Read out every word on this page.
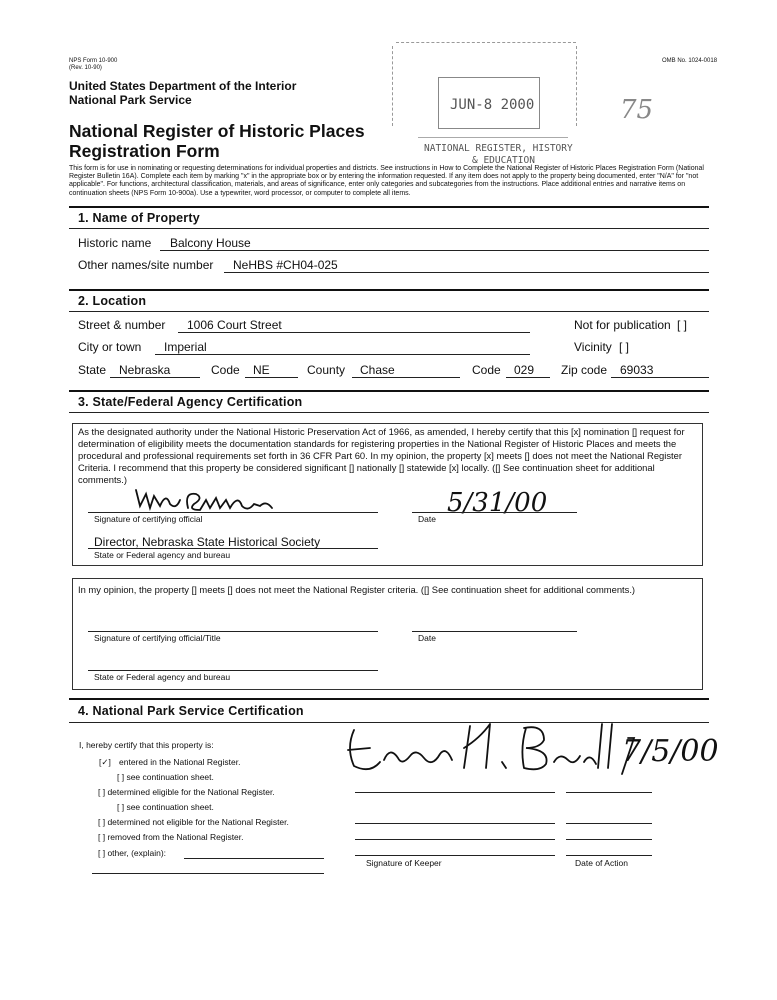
NPS Form 10-900
(Rev. 10-90)
OMB No. 1024-0018
United States Department of the Interior
National Park Service
National Register of Historic Places
Registration Form
JUN-8 2000
NATIONAL REGISTER, HISTORY
& EDUCATION
75
This form is for use in nominating or requesting determinations for individual properties and districts. See instructions in How to Complete the National Register of Historic Places Registration Form (National Register Bulletin 16A). Complete each item by marking "x" in the appropriate box or by entering the information requested. If any item does not apply to the property being documented, enter "N/A" for "not applicable". For functions, architectural classification, materials, and areas of significance, enter only categories and subcategories from the instructions. Place additional entries and narrative items on continuation sheets (NPS Form 10-900a). Use a typewriter, word processor, or computer to complete all items.
1. Name of Property
Historic name Balcony House
Other names/site number NeHBS #CH04-025
2. Location
Street & number 1006 Court Street	Not for publication [ ]
City or town Imperial	Vicinity [ ]
State Nebraska	Code NE	County Chase	Code 029 Zip code 69033
3. State/Federal Agency Certification
As the designated authority under the National Historic Preservation Act of 1966, as amended, I hereby certify that this [x] nomination [] request for determination of eligibility meets the documentation standards for registering properties in the National Register of Historic Places and meets the procedural and professional requirements set forth in 36 CFR Part 60. In my opinion, the property [x] meets [] does not meet the National Register Criteria. I recommend that this property be considered significant [] nationally [] statewide [x] locally. ([] See continuation sheet for additional comments.)
Signature of certifying official
5/31/00
Date
Director, Nebraska State Historical Society
State or Federal agency and bureau
In my opinion, the property [] meets [] does not meet the National Register criteria. ([] See continuation sheet for additional comments.)
Signature of certifying official/Title	Date
State or Federal agency and bureau
4. National Park Service Certification
I, hereby certify that this property is:
[✓] entered in the National Register.
[ ] see continuation sheet.
[ ] determined eligible for the National Register.
[ ] see continuation sheet.
[ ] determined not eligible for the National Register.
[ ] removed from the National Register.
[ ] other, (explain):
7/5/00
Signature of Keeper	Date of Action
